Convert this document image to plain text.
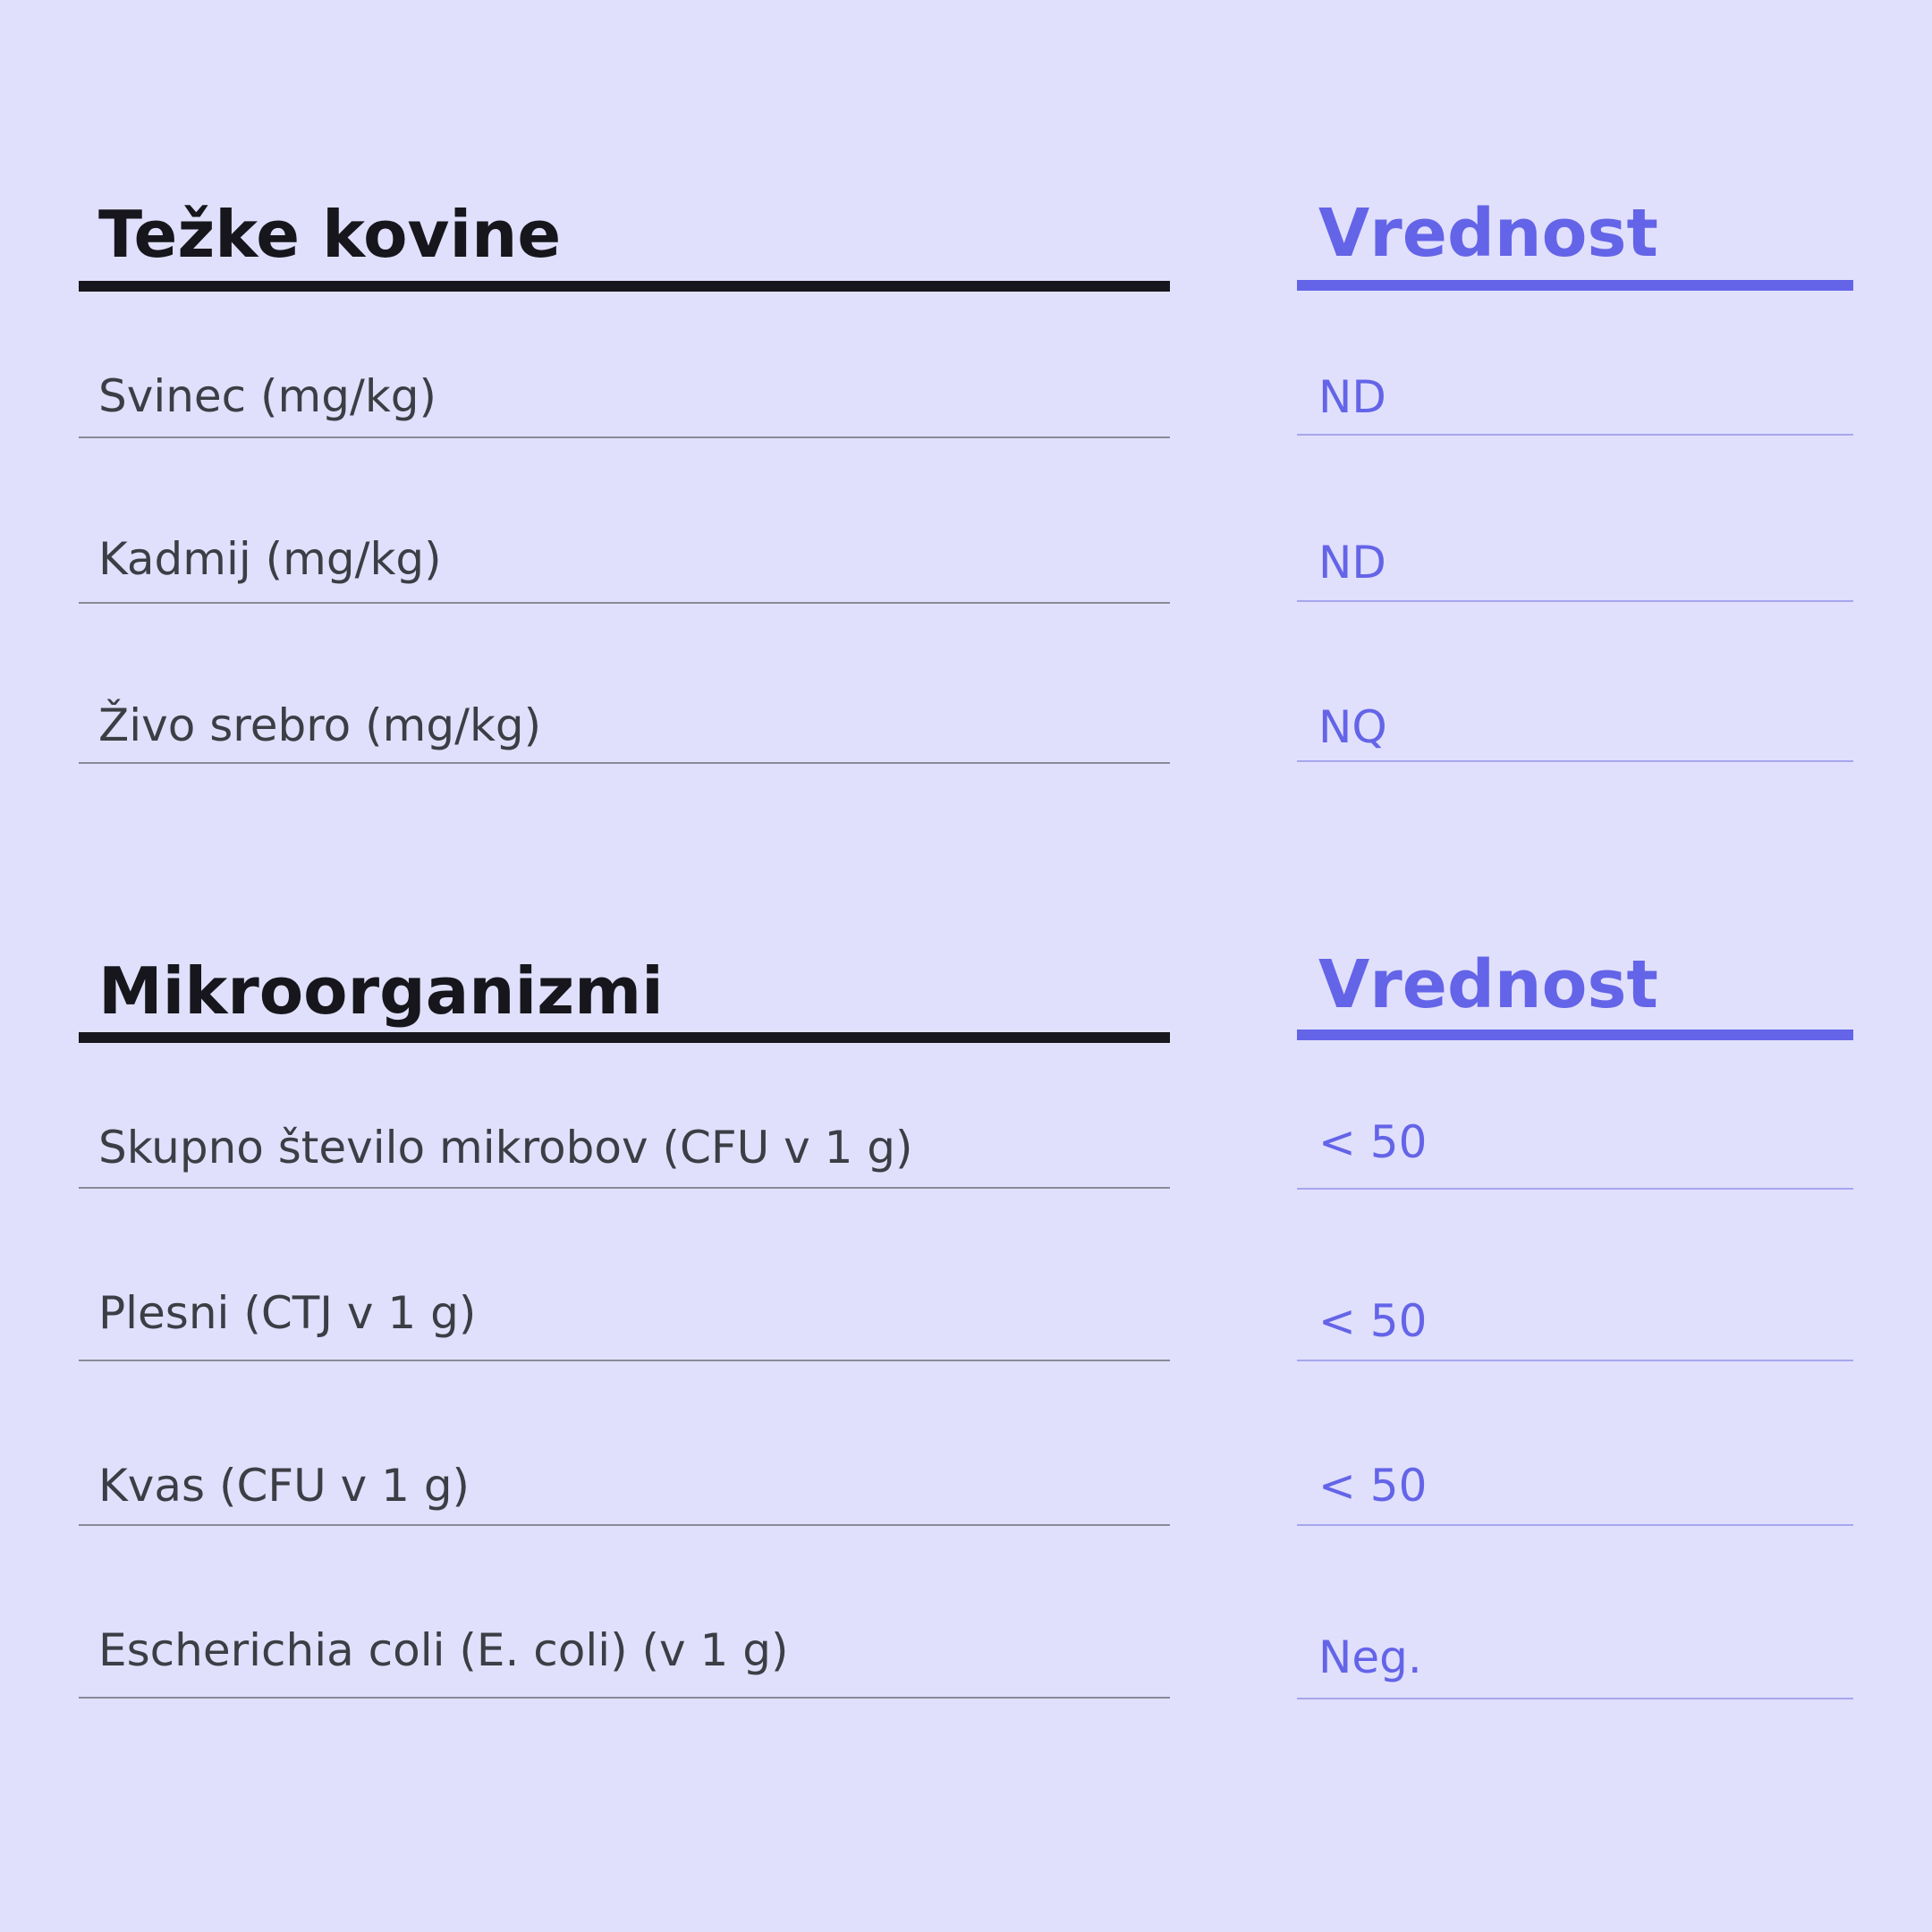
Težke kovine	Vrednost
Svinec (mg/kg)	ND
Kadmij (mg/kg)	ND
Živo srebro (mg/kg)	NQ
Mikroorganizmi	Vrednost
Skupno število mikrobov (CFU v 1 g)	< 50
Plesni (CTJ v 1 g)	< 50
Kvas (CFU v 1 g)	< 50
Escherichia coli (E. coli) (v 1 g)	Neg.
